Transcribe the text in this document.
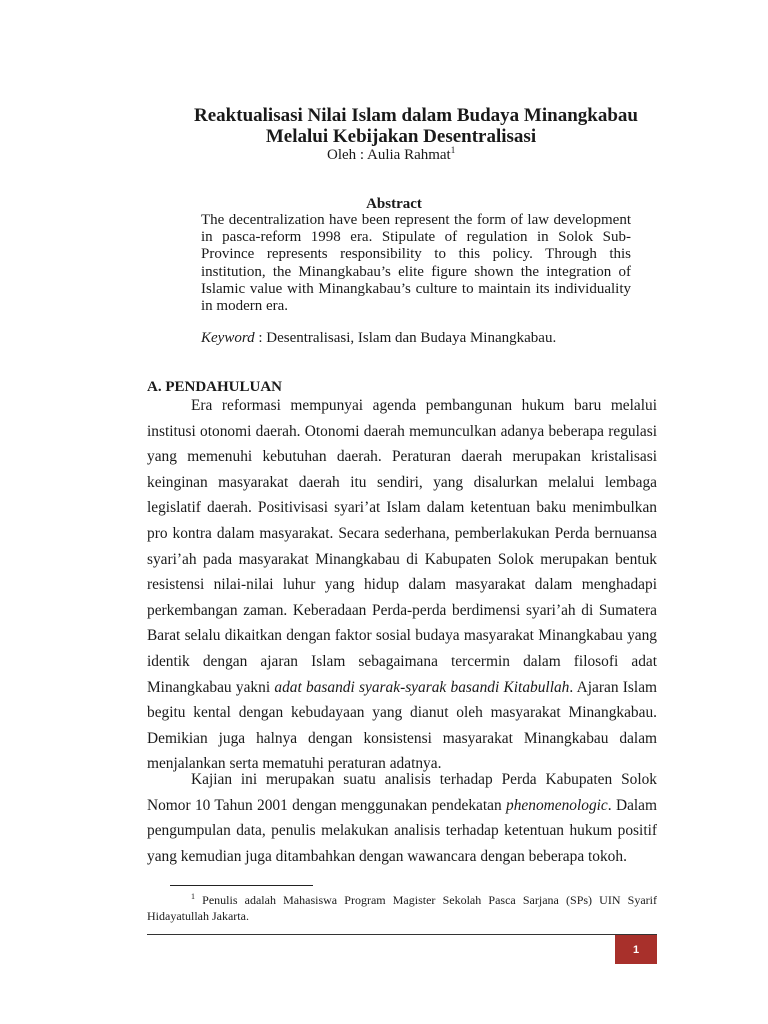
Reaktualisasi Nilai Islam dalam Budaya Minangkabau
Melalui Kebijakan Desentralisasi
Oleh : Aulia Rahmat$^1$
Abstract
The decentralization have been represent the form of law development in pasca-reform 1998 era. Stipulate of regulation in Solok Sub-Province represents responsibility to this policy. Through this institution, the Minangkabau’s elite figure shown the integration of Islamic value with Minangkabau’s culture to maintain its individuality in modern era.
Keyword : Desentralisasi, Islam dan Budaya Minangkabau.
A. PENDAHULUAN

Era reformasi mempunyai agenda pembangunan hukum baru melalui institusi otonomi daerah. Otonomi daerah memunculkan adanya beberapa regulasi yang memenuhi kebutuhan daerah. Peraturan daerah merupakan kristalisasi keinginan masyarakat daerah itu sendiri, yang disalurkan melalui lembaga legislatif daerah. Positivisasi syari’at Islam dalam ketentuan baku menimbulkan pro kontra dalam masyarakat. Secara sederhana, pemberlakukan Perda bernuansa syari’ah pada masyarakat Minangkabau di Kabupaten Solok merupakan bentuk resistensi nilai-nilai luhur yang hidup dalam masyarakat dalam menghadapi perkembangan zaman. Keberadaan Perda-perda berdimensi syari’ah di Sumatera Barat selalu dikaitkan dengan faktor sosial budaya masyarakat Minangkabau yang identik dengan ajaran Islam sebagaimana tercermin dalam filosofi adat Minangkabau yakni adat basandi syarak-syarak basandi Kitabullah. Ajaran Islam begitu kental dengan kebudayaan yang dianut oleh masyarakat Minangkabau. Demikian juga halnya dengan konsistensi masyarakat Minangkabau dalam menjalankan serta mematuhi peraturan adatnya.

Kajian ini merupakan suatu analisis terhadap Perda Kabupaten Solok Nomor 10 Tahun 2001 dengan menggunakan pendekatan phenomenologic. Dalam pengumpulan data, penulis melakukan analisis terhadap ketentuan hukum positif yang kemudian juga ditambahkan dengan wawancara dengan beberapa tokoh.

$^1$ Penulis adalah Mahasiswa Program Magister Sekolah Pasca Sarjana (SPs) UIN Syarif Hidayatullah Jakarta.
1
